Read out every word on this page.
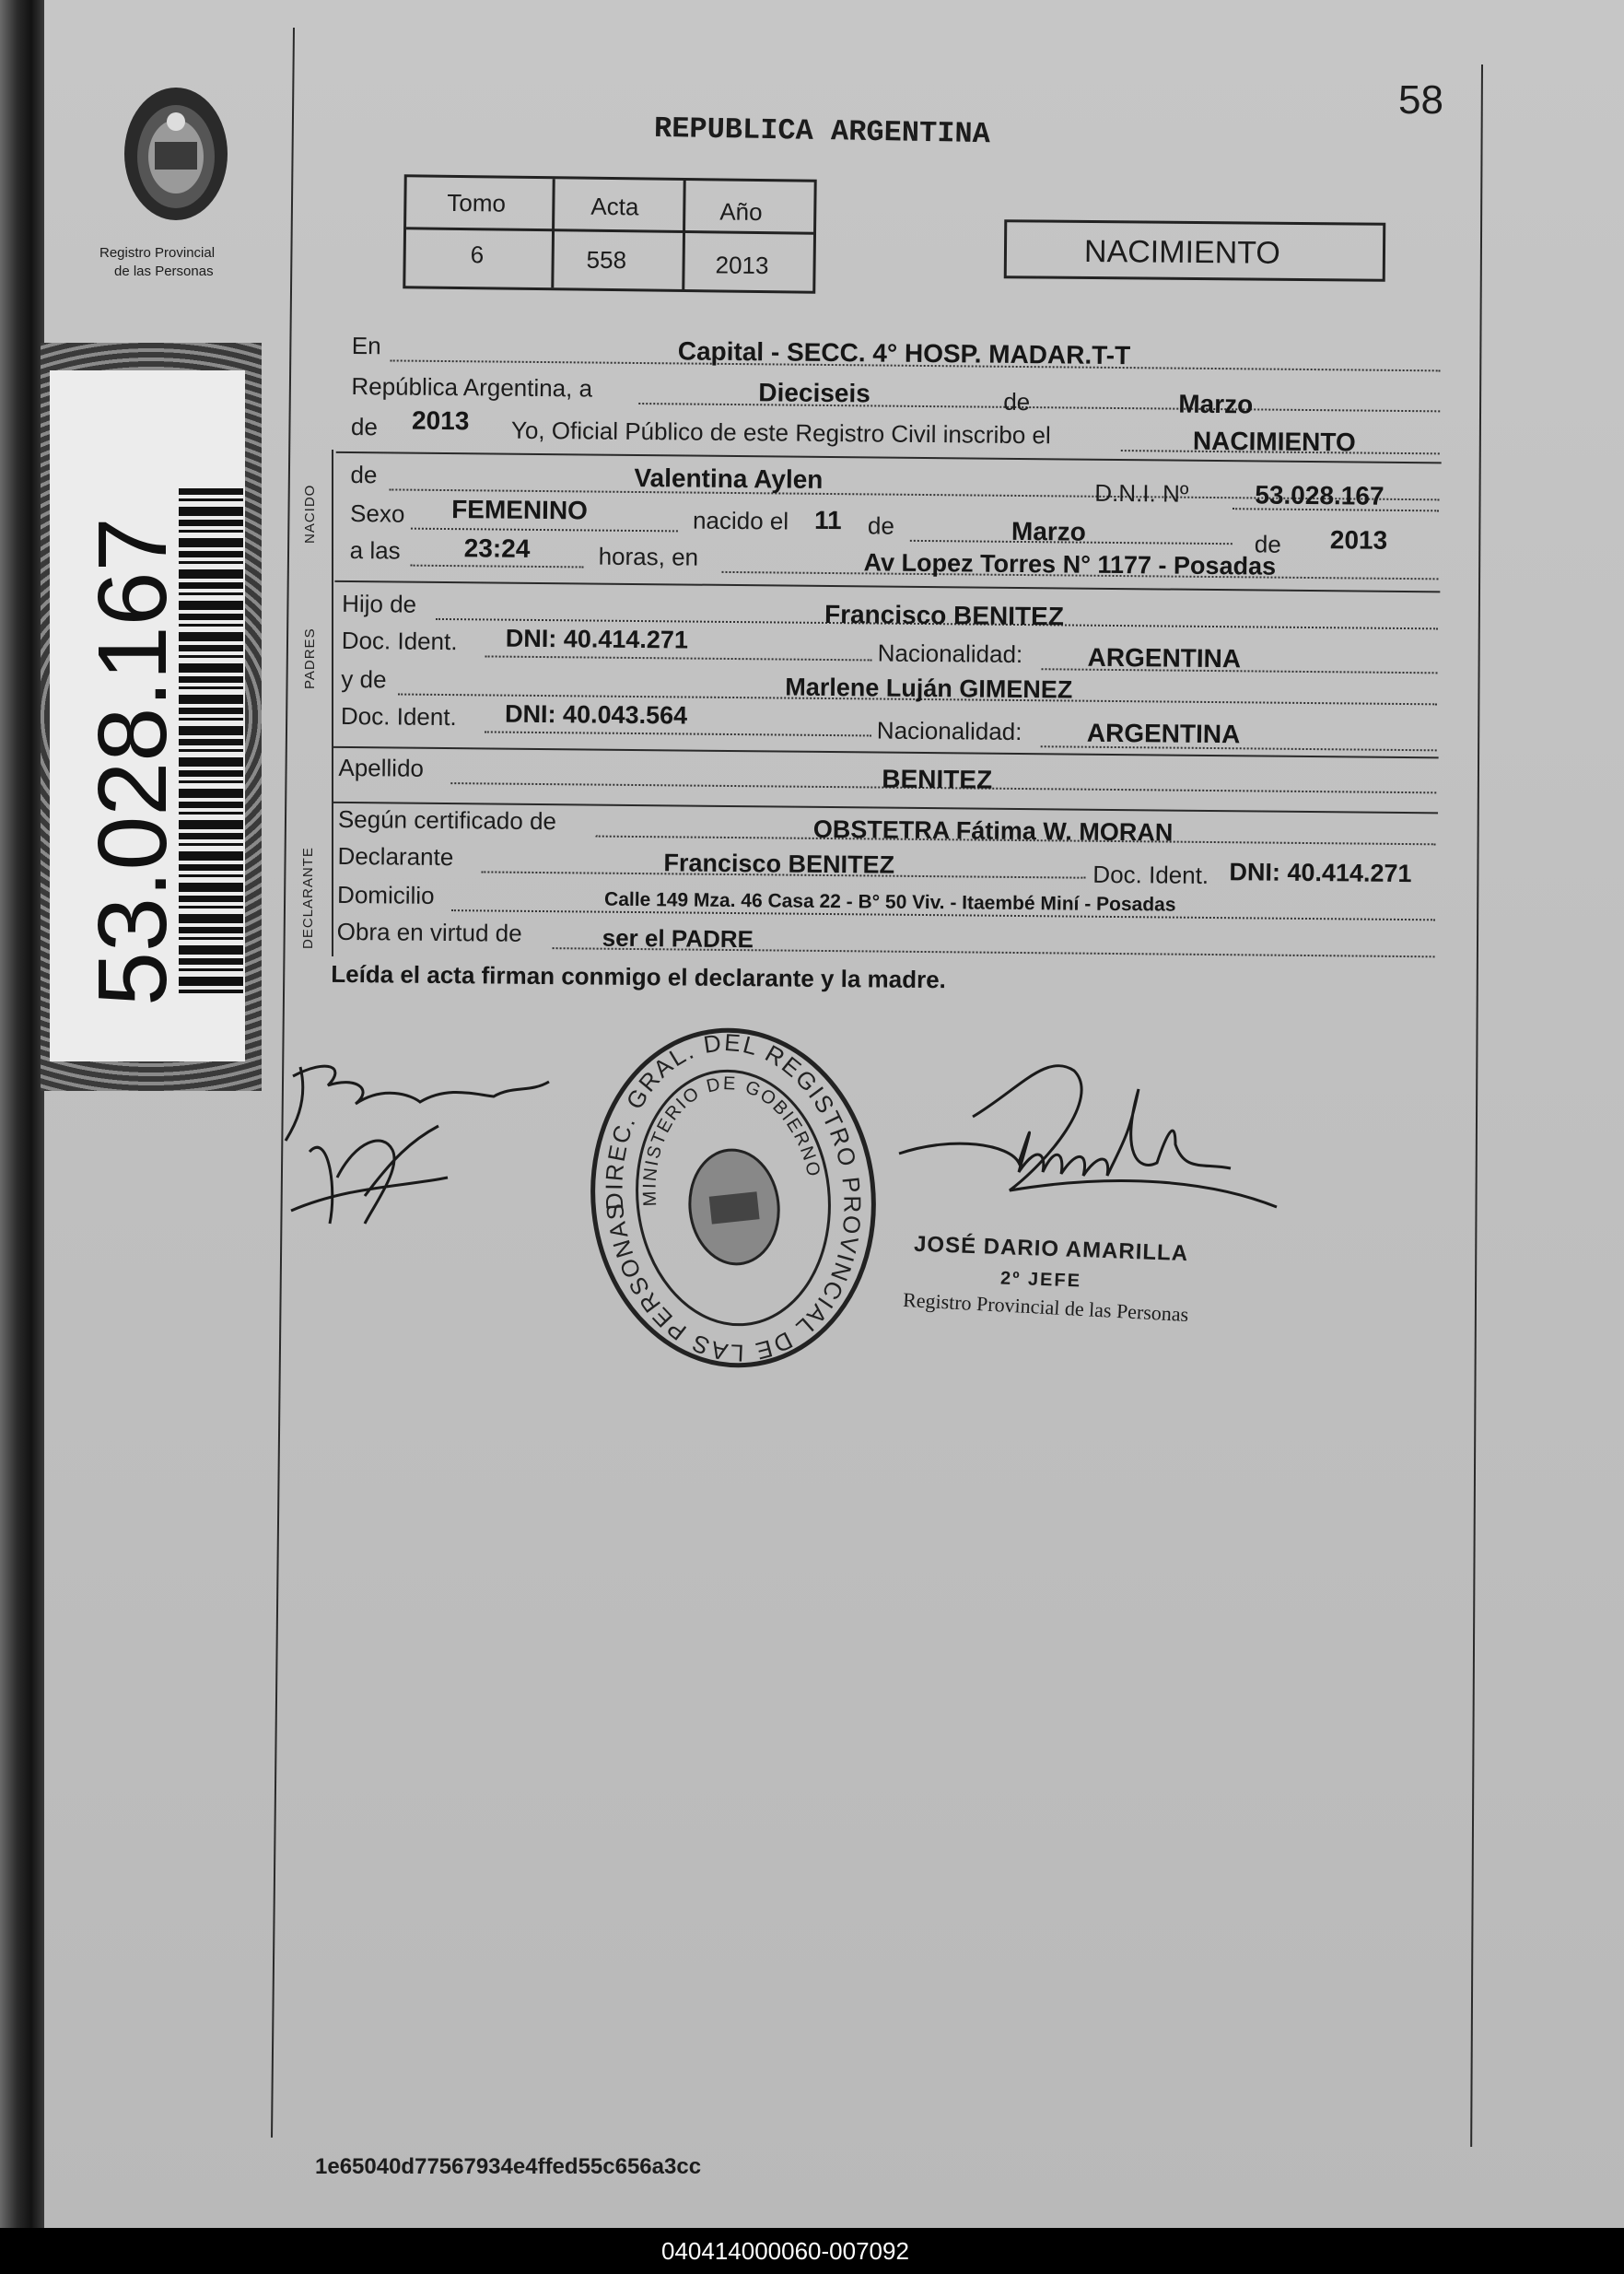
Registro Provincial
de las Personas
53.028.167
58
REPUBLICA ARGENTINA
Tomo	Acta	Año
6	558	2013	NACIMIENTO
NACIDO
PADRES
DECLARANTE
En	Capital - SECC. 4° HOSP. MADAR.T-T
República Argentina, a	Dieciseis	de	Marzo
de 2013 Yo, Oficial Público de este Registro Civil inscribo el	NACIMIENTO
de	Valentina Aylen
Sexo FEMENINO	nacido el 11 de	Marzo
D.N.I. Nº	53.028.167
a las 23:24	horas, en	Av Lopez Torres N° 1177 - Posadas
de 2013
Hijo de	Francisco BENITEZ
Doc. Ident. DNI: 40.414.271	Nacionalidad:	ARGENTINA
y de	Marlene Luján GIMENEZ
Doc. Ident. DNI: 40.043.564
Nacionalidad:	ARGENTINA
Apellido	BENITEZ
Según certificado de	OBSTETRA Fátima W. MORAN
Declarante	Francisco BENITEZ	Doc. Ident. DNI: 40.414.271
Domicilio	Calle 149 Mza. 46 Casa 22 - B° 50 Viv. - Itaembé Miní - Posadas
Obra en virtud de	ser el PADRE
Leída el acta firman conmigo el declarante y la madre.
DIREC. GRAL. DEL REGISTRO PROVINCIAL DE LAS PERSONAS
MINISTERIO DE GOBIERNO
JOSÉ DARIO AMARILLA
2º JEFE
Registro Provincial de las Personas
1e65040d77567934e4ffed55c656a3cc
040414000060-007092
